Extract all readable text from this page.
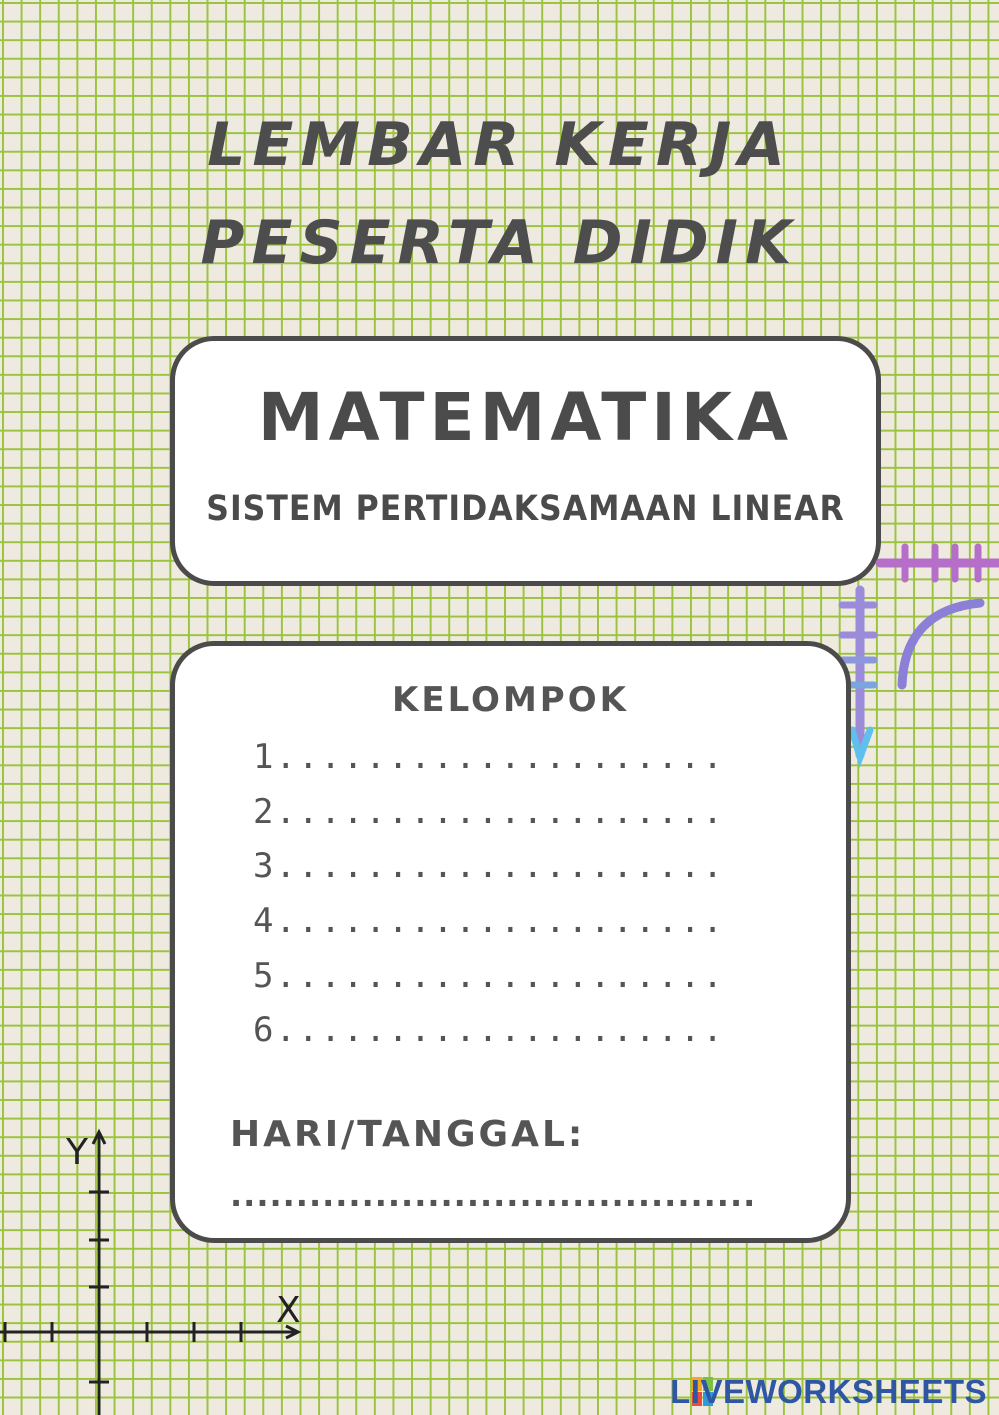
LEMBAR KERJA
PESERTA DIDIK
MATEMATIKA
SISTEM PERTIDAKSAMAAN LINEAR
KELOMPOK
1....................
2....................
3....................
4....................
5....................
6....................
HARI/TANGGAL:
........................................
Y
X
LIVEWORKSHEETS
